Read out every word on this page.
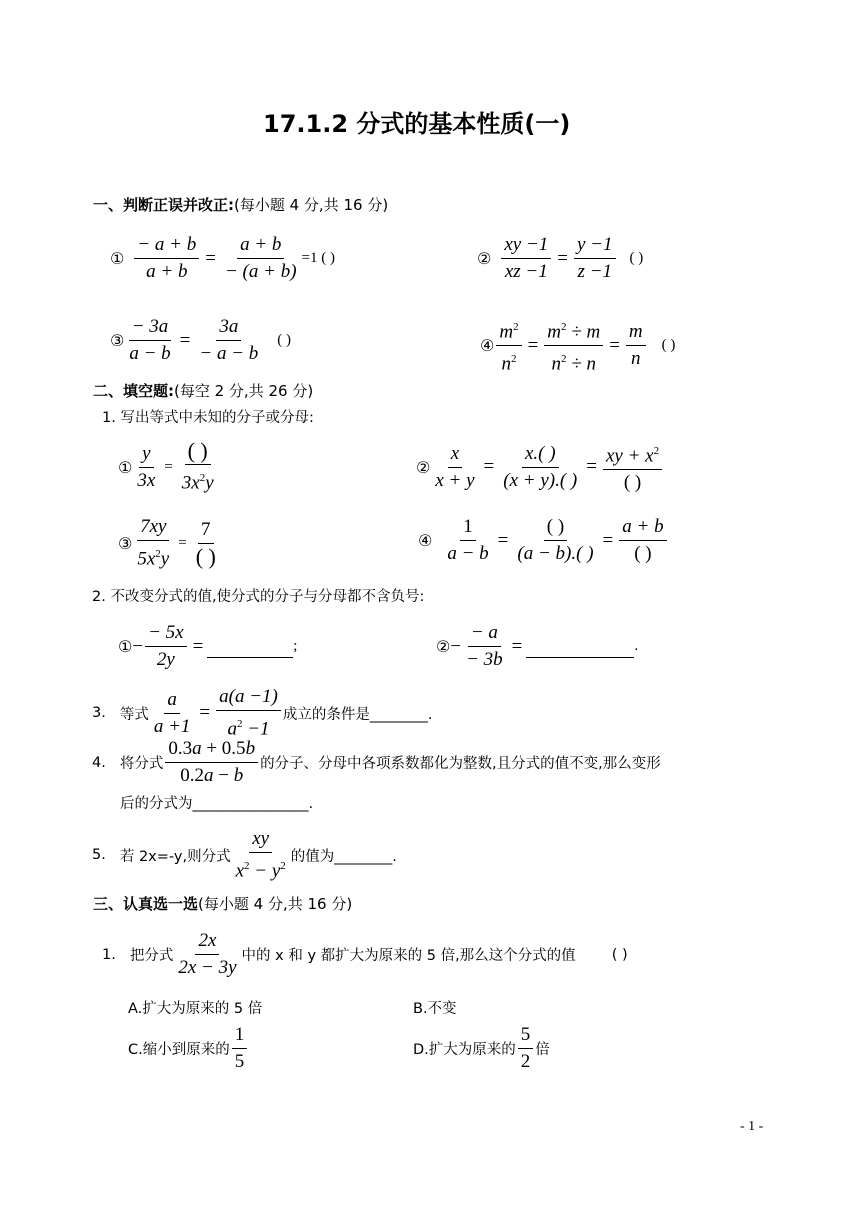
17.1.2 分式的基本性质(一)
一、判断正误并改正:(每小题 4 分,共 16 分)
① $\frac{- a + b}{a + b} = \frac{a + b}{- (a + b)} =1$ ( )	② $\frac{xy -1}{xz -1} = \frac{y -1}{z -1}$ ( )
③ $\frac{- 3a}{a - b} = \frac{3a}{- a - b}$ ( )	④ $\frac{m^2}{n^2} = \frac{m^2 \div m}{n^2 \div n} = \frac{m}{n}$ ( )
二、填空题:(每空 2 分,共 26 分)
1. 写出等式中未知的分子或分母:
① $\frac{y}{3x} = \frac{( )}{3x^2y}$	② $\frac{x}{x + y} = \frac{x.( )}{(x + y).( )} = \frac{xy + x^2}{( )}$
③ $\frac{7xy}{5x^2y} = \frac{7}{( )}$	④ $\frac{1}{a - b} = \frac{( )}{(a - b).( )} = \frac{a + b}{( )}$
2. 不改变分式的值,使分式的分子与分母都不含负号:
① − $\frac{- 5x}{2y}$ =	;	② − $\frac{- a}{- 3b}$ =	.
3. 等式 $\frac{a}{a +1} = \frac{a(a -1)}{a^2 -1}$ 成立的条件是________.
4. 将分式 $\frac{0.3a + 0.5b}{0.2a - b}$ 的分子、分母中各项系数都化为整数,且分式的值不变,那么变形
后的分式为________________.
5. 若 2x=-y,则分式 $\frac{xy}{x^2 - y^2}$ 的值为________.
三、认真选一选(每小题 4 分,共 16 分)
1. 把分式 $\frac{2x}{2x - 3y}$ 中的 x 和 y 都扩大为原来的 5 倍,那么这个分式的值 ( )
A.扩大为原来的 5 倍	B.不变
C.缩小到原来的 $\frac{1}{5}$	D.扩大为原来的 $\frac{5}{2}$ 倍
- 1 -
